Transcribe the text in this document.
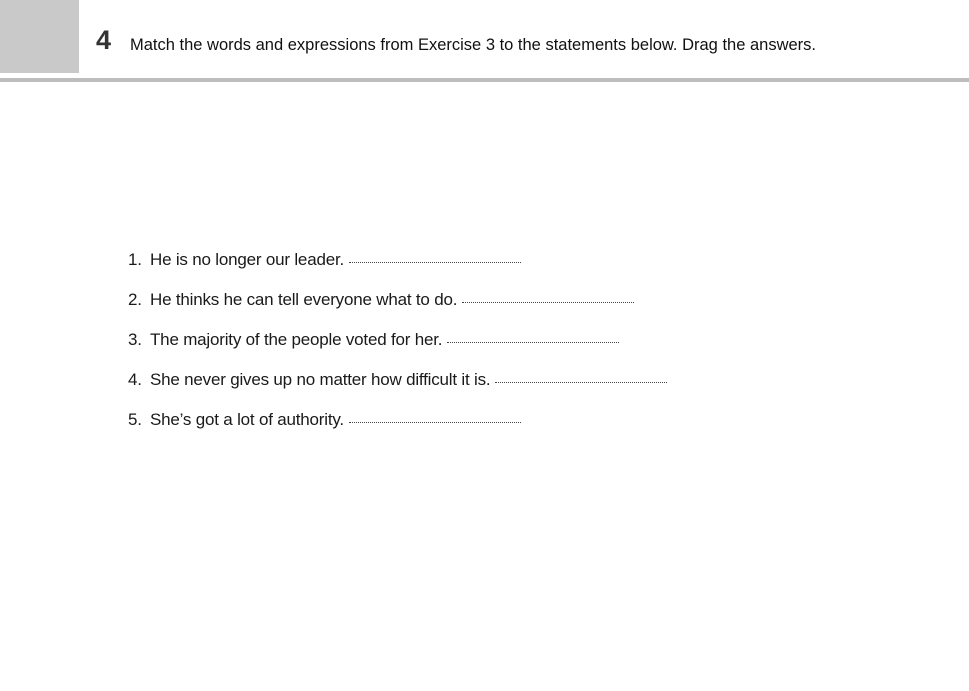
4 Match the words and expressions from Exercise 3 to the statements below. Drag the answers.
1. He is no longer our leader.
2. He thinks he can tell everyone what to do.
3. The majority of the people voted for her.
4. She never gives up no matter how difficult it is.
5. She’s got a lot of authority.
